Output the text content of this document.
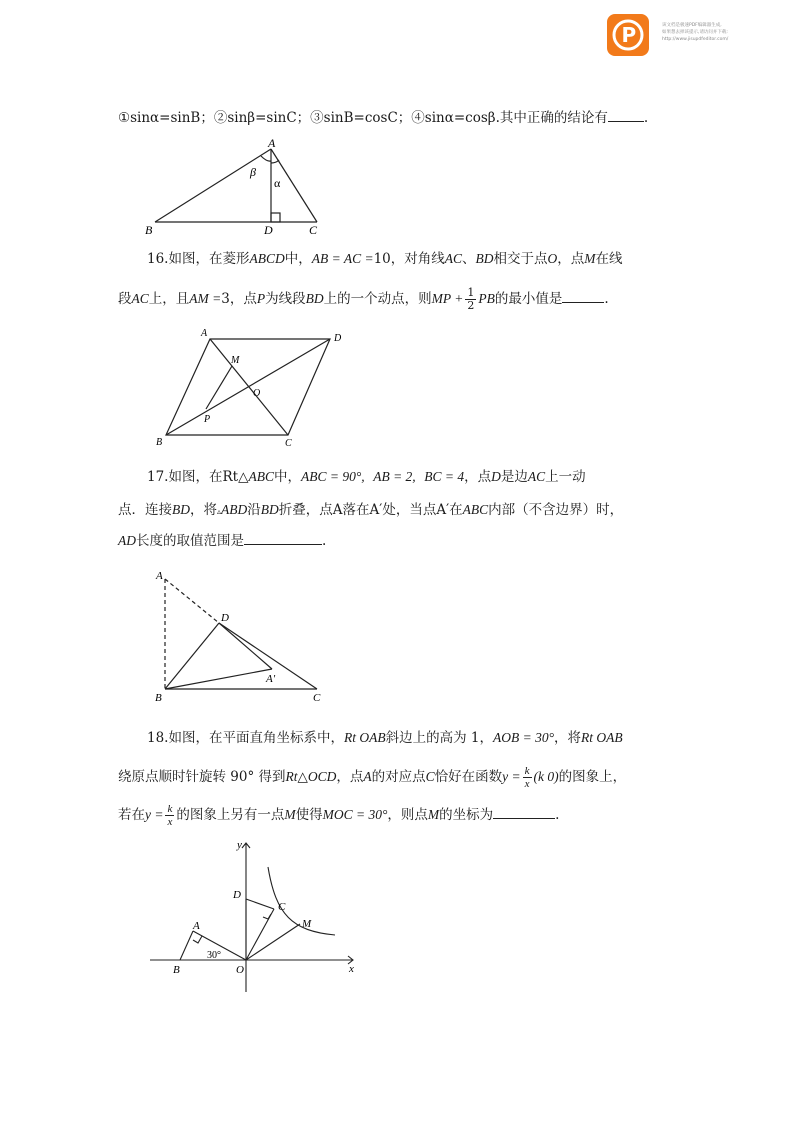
P	该文档是极速PDF编辑器生成,
如果想去掉该提示,请访问并下载:
http://www.jisupdfeditor.com/
①sinα=sinB；②sinβ=sinC；③sinB=cosC；④sinα=cosβ.其中正确的结论有	.
A
B	C
D
β
α
16.如图，在菱形ABCD中，AB = AC =10，对角线AC、BD相交于点O，点M在线
段AC上，且AM =3，点P为线段BD上的一个动点，则MP + $\frac{1}{2}$ PB的最小值是	.
A	D
B	C
M
O
P
17.如图，在Rt△ABC中，ABC = 90°, AB = 2, BC = 4，点D是边AC上一动
点．连接BD，将▵ABD沿BD折叠，点A落在A′处，当点A′在ABC内部（不含边界）时，
AD长度的取值范围是	.
A
D
A′
B	C
18.如图，在平面直角坐标系中，Rt OAB斜边上的高为 1，AOB = 30°，将Rt OAB
绕原点顺时针旋转 90° 得到Rt△OCD，点A的对应点C恰好在函数$y = \frac{k}{x} (k$ 0)的图象上，
若在$y = \frac{k}{x}$ 的图象上另有一点M使得MOC = 30°，则点M的坐标为	.
y
x
O
A
B
D
C
M
30°
